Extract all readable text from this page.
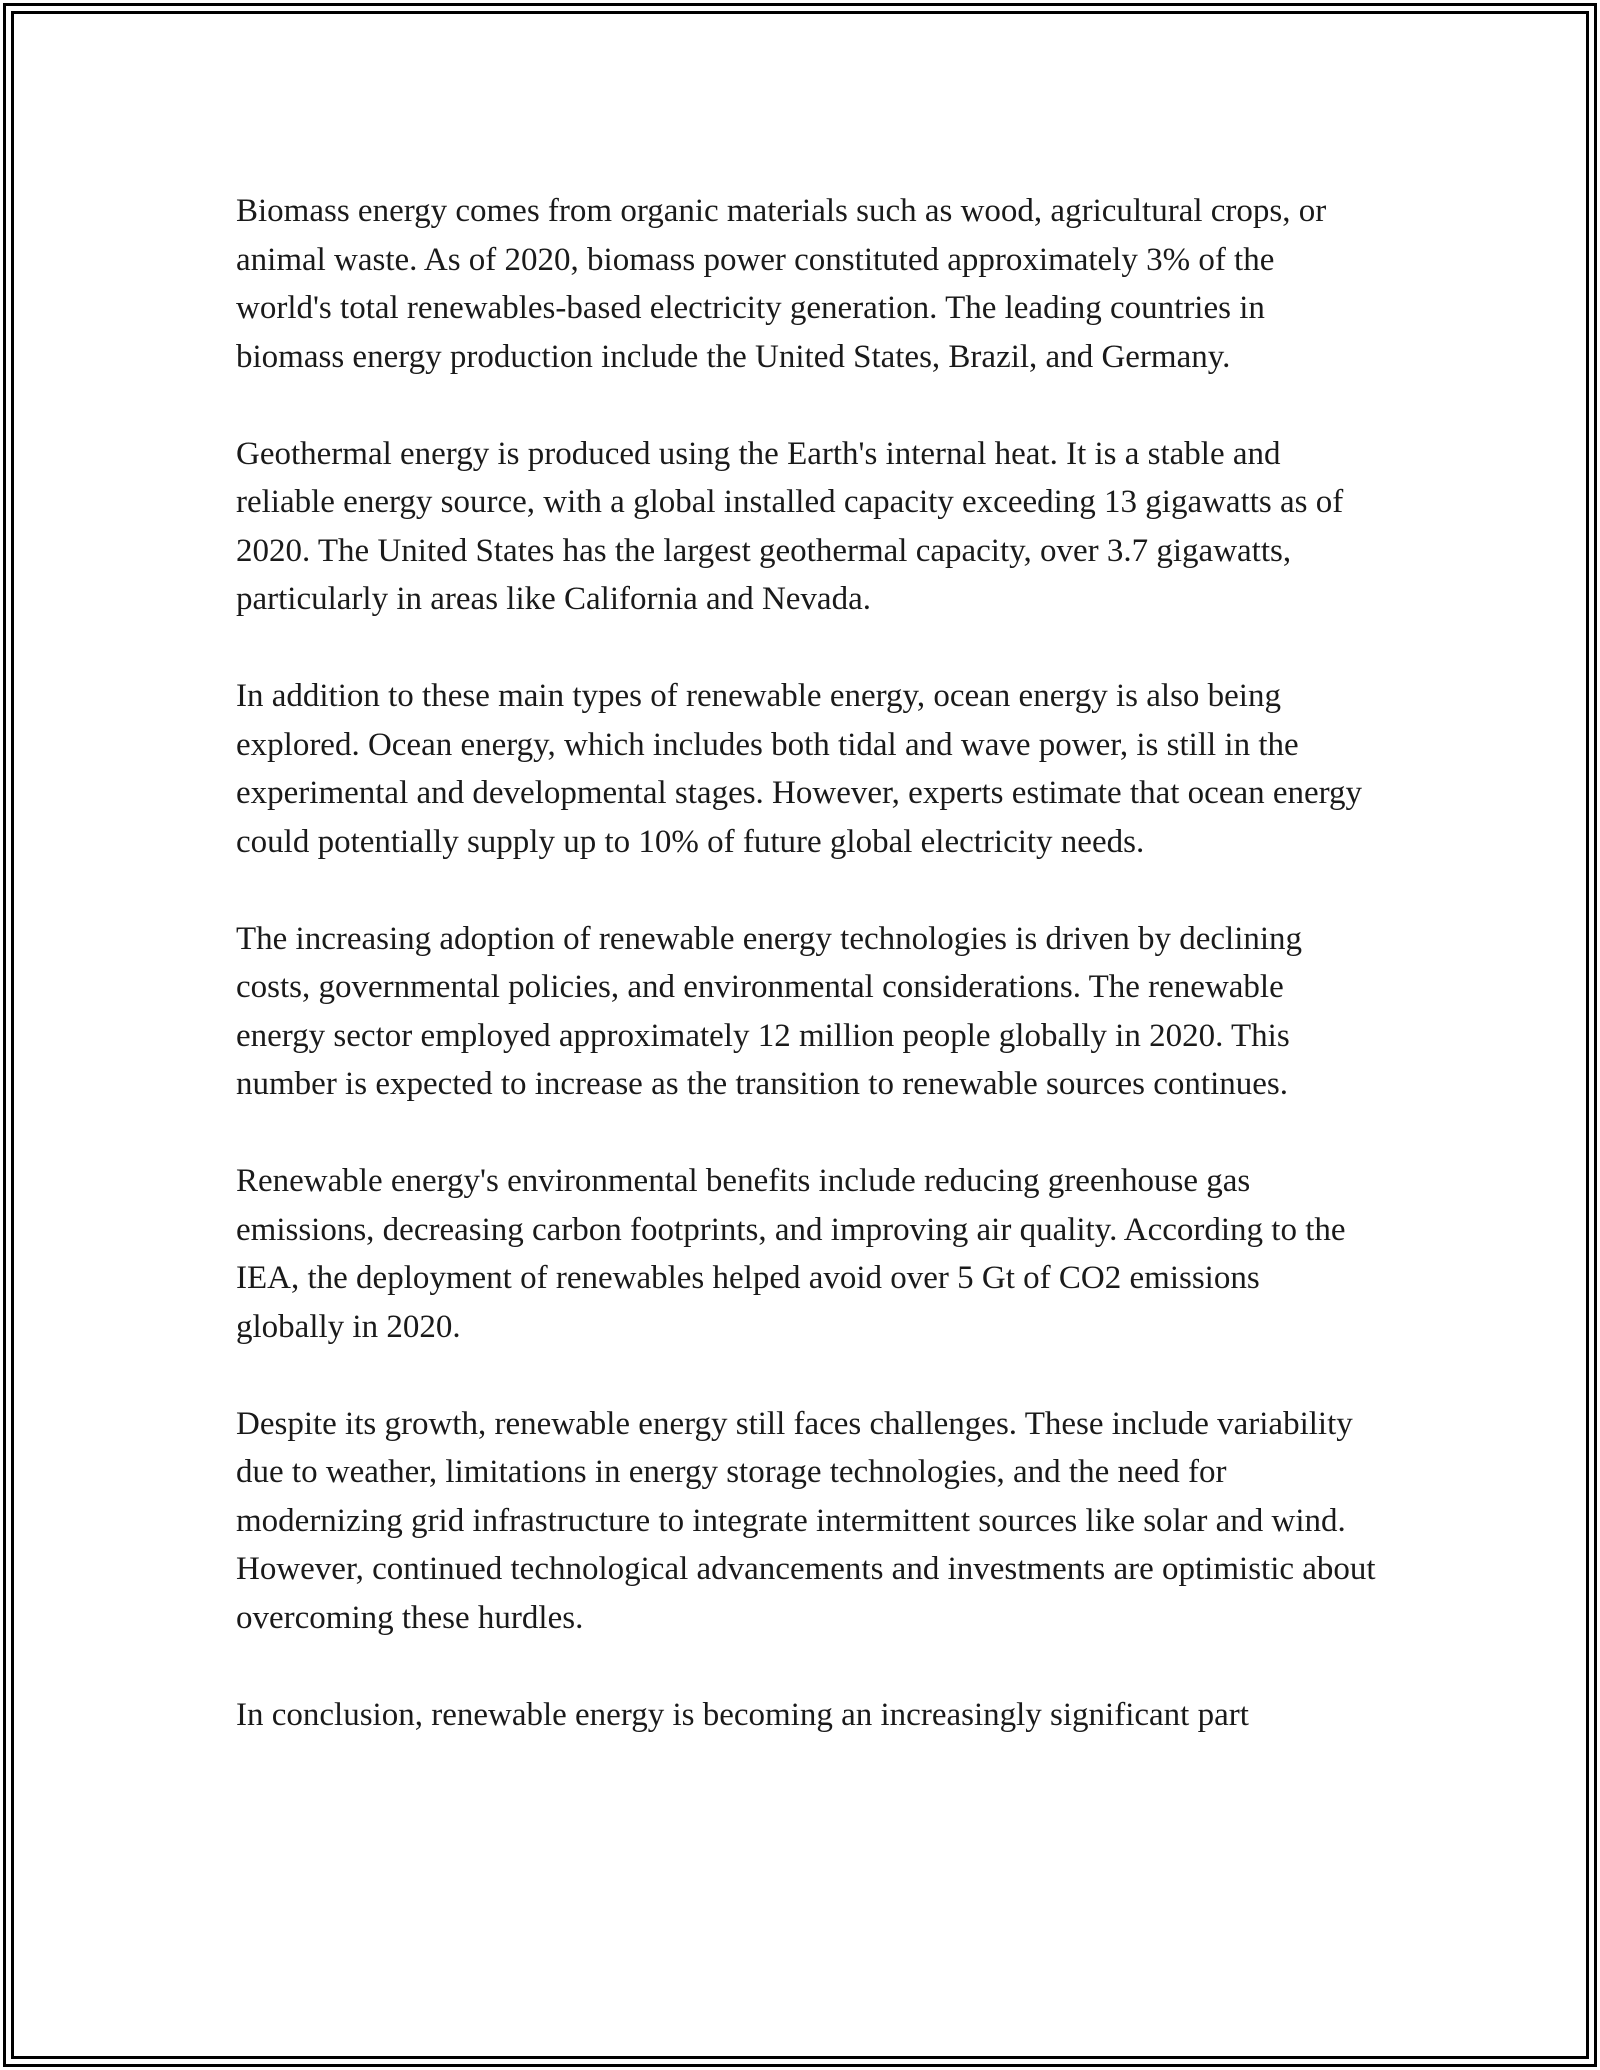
Biomass energy comes from organic materials such as wood, agricultural crops, or animal waste. As of 2020, biomass power constituted approximately 3% of the world's total renewables-based electricity generation. The leading countries in biomass energy production include the United States, Brazil, and Germany.

Geothermal energy is produced using the Earth's internal heat. It is a stable and reliable energy source, with a global installed capacity exceeding 13 gigawatts as of 2020. The United States has the largest geothermal capacity, over 3.7 gigawatts, particularly in areas like California and Nevada.

In addition to these main types of renewable energy, ocean energy is also being explored. Ocean energy, which includes both tidal and wave power, is still in the experimental and developmental stages. However, experts estimate that ocean energy could potentially supply up to 10% of future global electricity needs.

The increasing adoption of renewable energy technologies is driven by declining costs, governmental policies, and environmental considerations. The renewable energy sector employed approximately 12 million people globally in 2020. This number is expected to increase as the transition to renewable sources continues.

Renewable energy's environmental benefits include reducing greenhouse gas emissions, decreasing carbon footprints, and improving air quality. According to the IEA, the deployment of renewables helped avoid over 5 Gt of CO2 emissions globally in 2020.

Despite its growth, renewable energy still faces challenges. These include variability due to weather, limitations in energy storage technologies, and the need for modernizing grid infrastructure to integrate intermittent sources like solar and wind. However, continued technological advancements and investments are optimistic about overcoming these hurdles.

In conclusion, renewable energy is becoming an increasingly significant part
